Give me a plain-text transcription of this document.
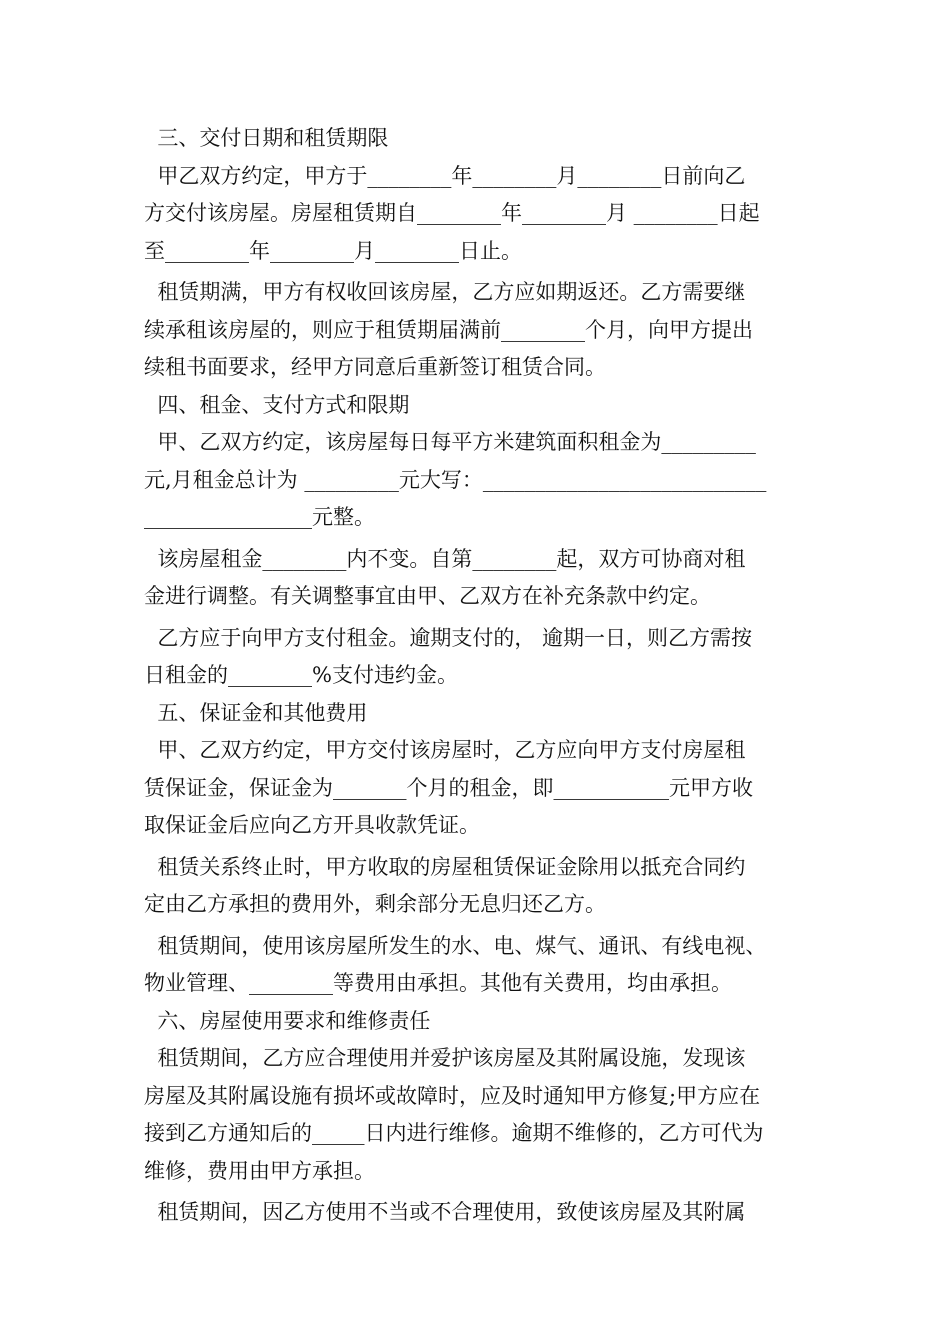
三、交付日期和租赁期限
甲乙双方约定，甲方于________年________月________日前向乙
方交付该房屋。房屋租赁期自________年________月 ________日起
至________年________月________日止。
租赁期满，甲方有权收回该房屋，乙方应如期返还。乙方需要继
续承租该房屋的，则应于租赁期届满前________个月，向甲方提出
续租书面要求，经甲方同意后重新签订租赁合同。
四、租金、支付方式和限期
甲、乙双方约定，该房屋每日每平方米建筑面积租金为_________
元,月租金总计为 _________元大写：___________________________
________________元整。
该房屋租金________内不变。自第________起，双方可协商对租
金进行调整。有关调整事宜由甲、乙双方在补充条款中约定。
乙方应于向甲方支付租金。逾期支付的， 逾期一日，则乙方需按
日租金的________%支付违约金。
五、保证金和其他费用
甲、乙双方约定，甲方交付该房屋时，乙方应向甲方支付房屋租
赁保证金，保证金为_______个月的租金，即___________元甲方收
取保证金后应向乙方开具收款凭证。
租赁关系终止时，甲方收取的房屋租赁保证金除用以抵充合同约
定由乙方承担的费用外，剩余部分无息归还乙方。
租赁期间，使用该房屋所发生的水、电、煤气、通讯、有线电视、
物业管理、________等费用由承担。其他有关费用，均由承担。
六、房屋使用要求和维修责任
租赁期间，乙方应合理使用并爱护该房屋及其附属设施，发现该
房屋及其附属设施有损坏或故障时，应及时通知甲方修复;甲方应在
接到乙方通知后的_____日内进行维修。逾期不维修的，乙方可代为
维修，费用由甲方承担。
租赁期间，因乙方使用不当或不合理使用，致使该房屋及其附属
